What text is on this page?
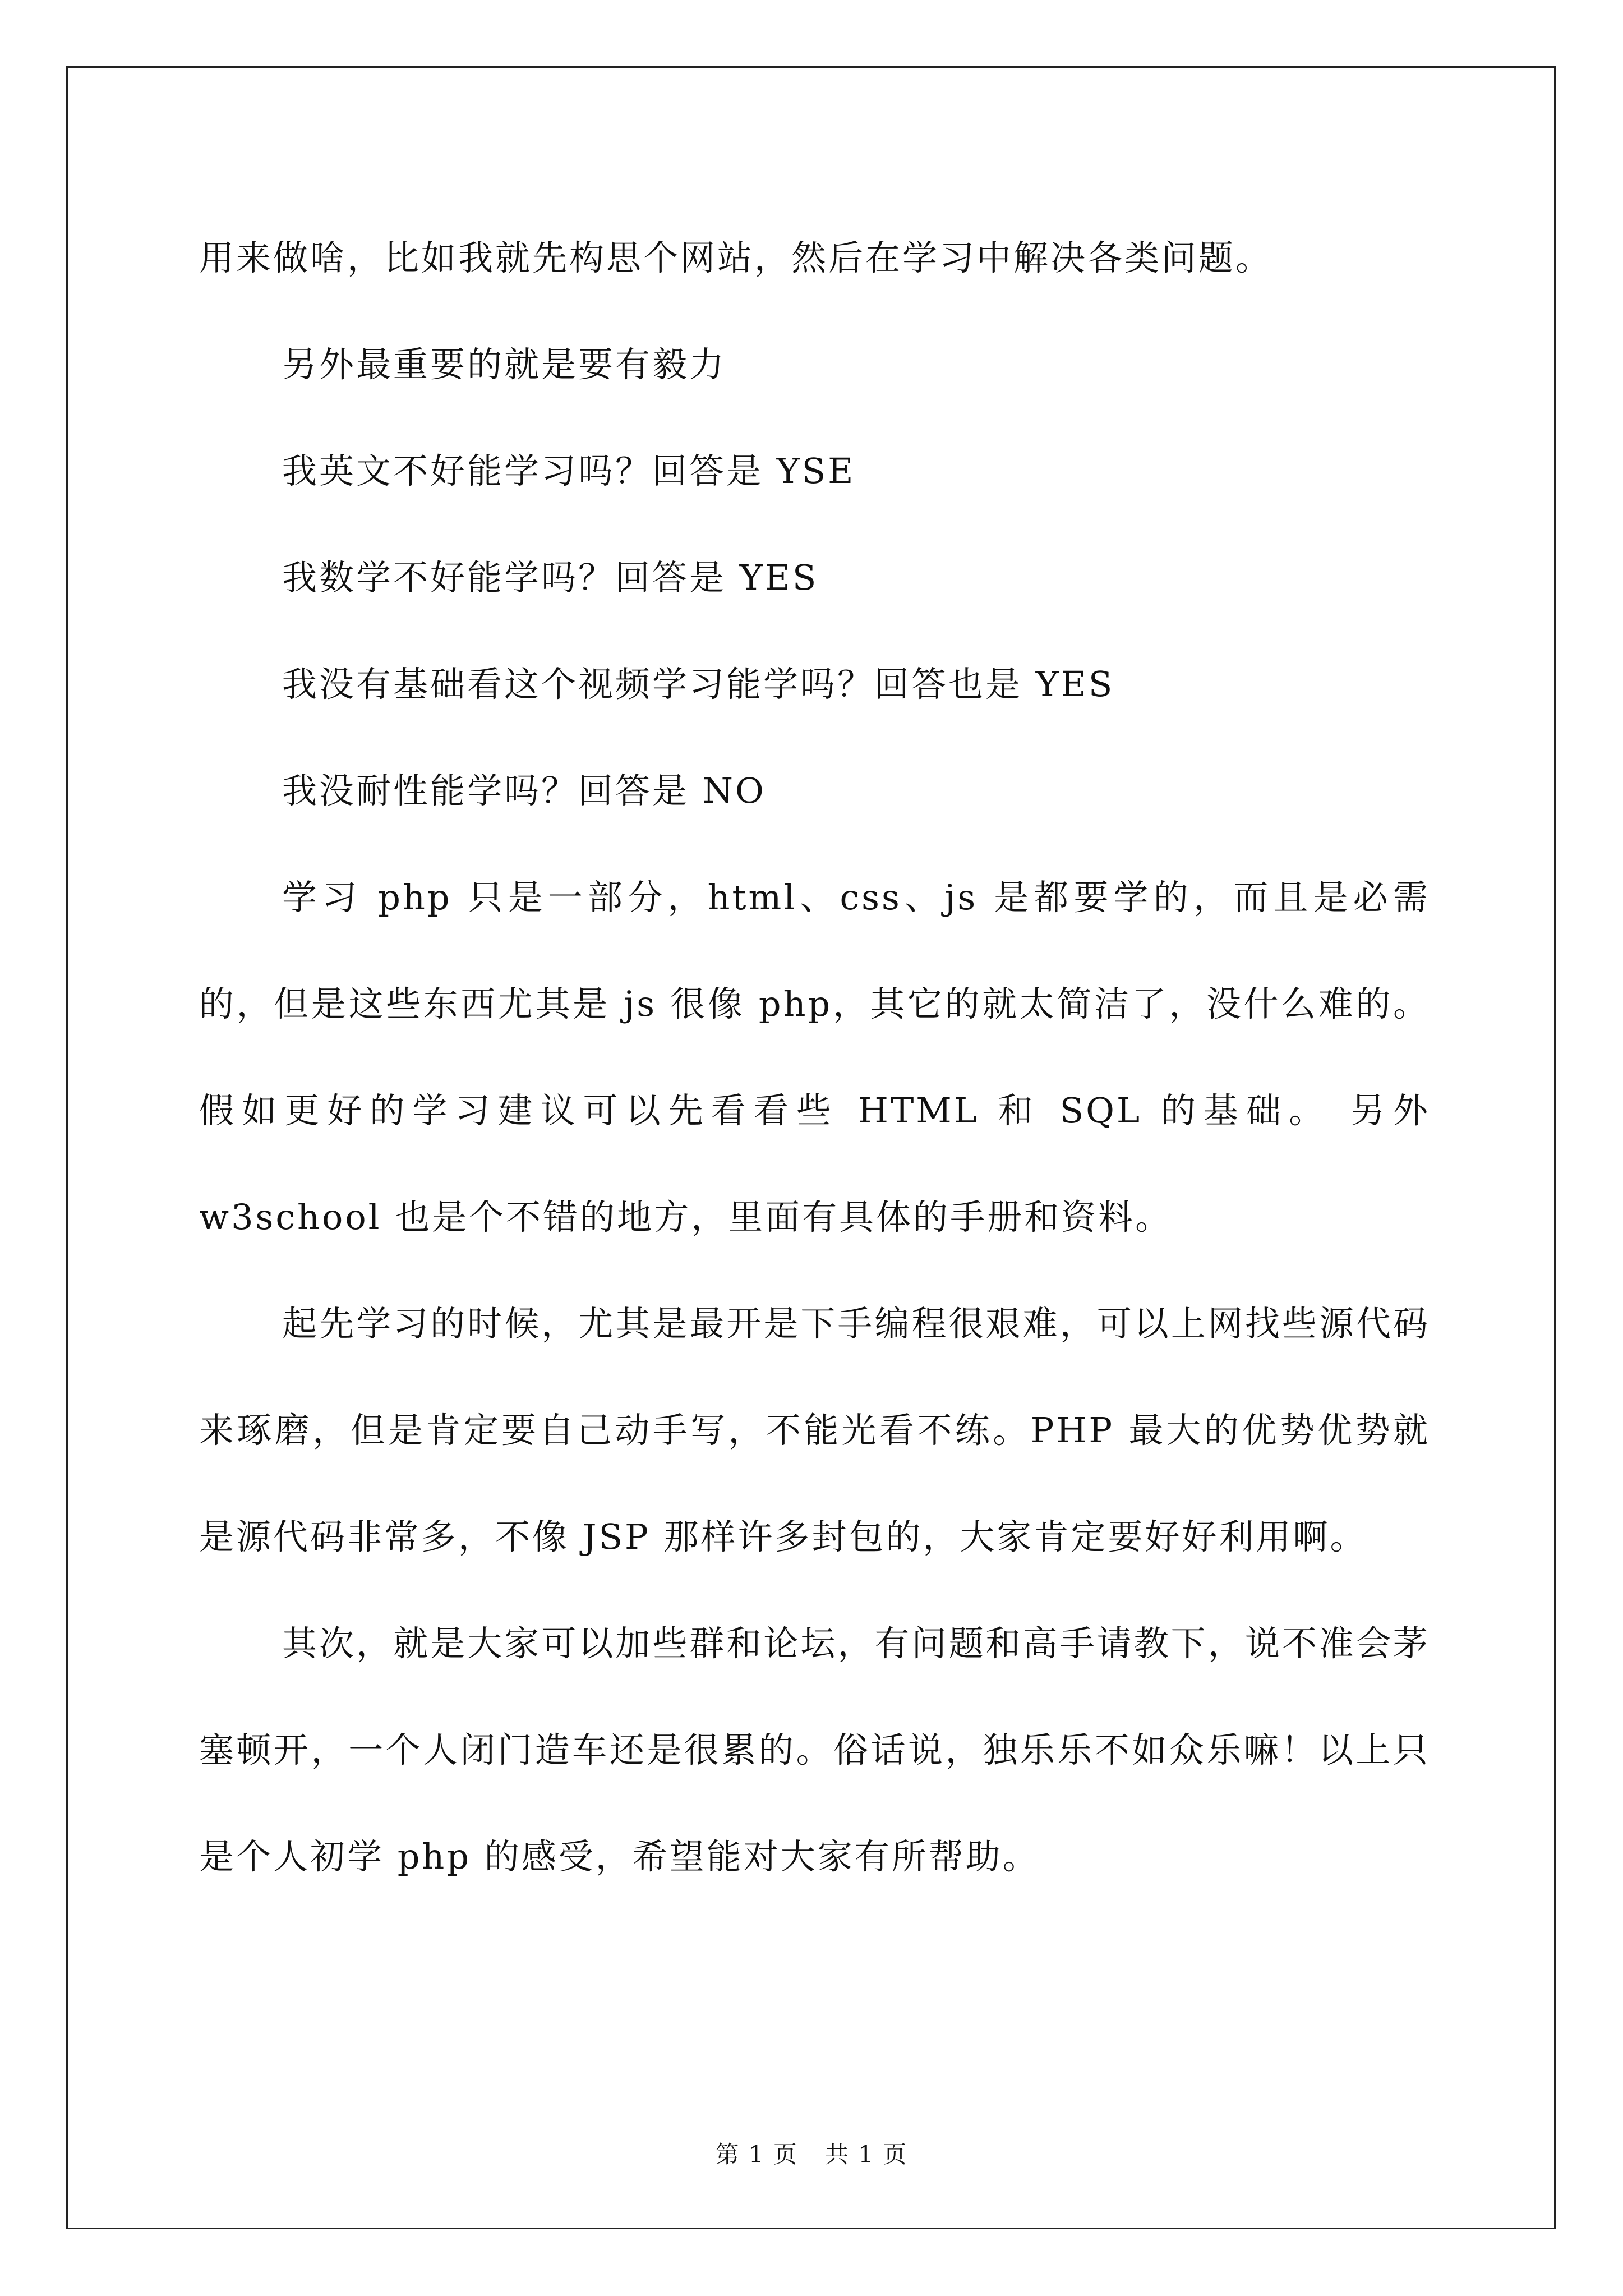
用来做啥，比如我就先构思个网站，然后在学习中解决各类问题。

另外最重要的就是要有毅力

我英文不好能学习吗？回答是 YSE

我数学不好能学吗？回答是 YES

我没有基础看这个视频学习能学吗？回答也是 YES

我没耐性能学吗？回答是 NO

学习 php 只是一部分，html、css、js 是都要学的，而且是必需的，但是这些东西尤其是 js 很像 php，其它的就太简洁了，没什么难的。假如更好的学习建议可以先看看些 HTML 和 SQL 的基础。 另外 w3school 也是个不错的地方，里面有具体的手册和资料。

起先学习的时候，尤其是最开是下手编程很艰难，可以上网找些源代码来琢磨，但是肯定要自己动手写，不能光看不练。PHP 最大的优势优势就是源代码非常多，不像 JSP 那样许多封包的，大家肯定要好好利用啊。

其次，就是大家可以加些群和论坛，有问题和高手请教下，说不准会茅塞顿开，一个人闭门造车还是很累的。俗话说，独乐乐不如众乐嘛！以上只是个人初学 php 的感受，希望能对大家有所帮助。

第 1 页 共 1 页
